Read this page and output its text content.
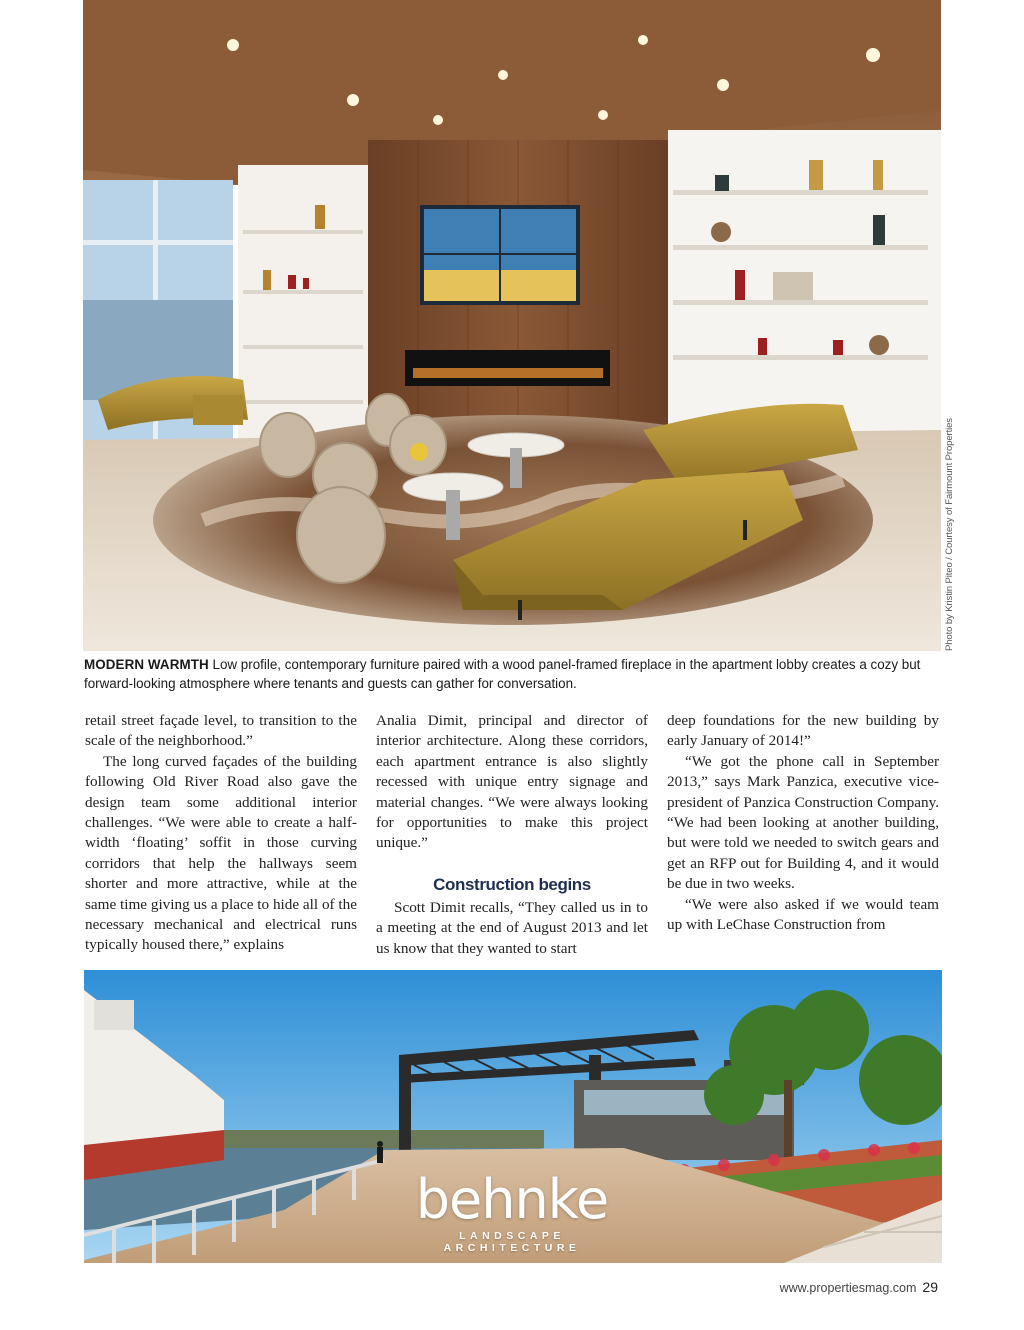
Photo by Kristin Piteo / Courtesy of Fairmount Properties
MODERN WARMTH Low profile, contemporary furniture paired with a wood panel-framed fireplace in the apartment lobby creates a cozy but forward-looking atmosphere where tenants and guests can gather for conversation.

retail street façade level, to transition to the scale of the neighborhood.”

The long curved façades of the building following Old River Road also gave the design team some additional interior challenges. “We were able to create a half-width ‘floating’ soffit in those curving corridors that help the hallways seem shorter and more attractive, while at the same time giving us a place to hide all of the necessary mechanical and electrical runs typically housed there,” explains

Analia Dimit, principal and director of interior architecture. Along these corridors, each apartment entrance is also slightly recessed with unique entry signage and material changes. “We were always looking for opportunities to make this project unique.”

Construction begins

Scott Dimit recalls, “They called us in to a meeting at the end of August 2013 and let us know that they wanted to start

deep foundations for the new building by early January of 2014!”

“We got the phone call in September 2013,” says Mark Panzica, executive vice-president of Panzica Construction Company. “We had been looking at another building, but were told we needed to switch gears and get an RFP out for Building 4, and it would be due in two weeks.

“We were also asked if we would team up with LeChase Construction from

behnke
LANDSCAPE ARCHITECTURE
www.propertiesmag.com 29
